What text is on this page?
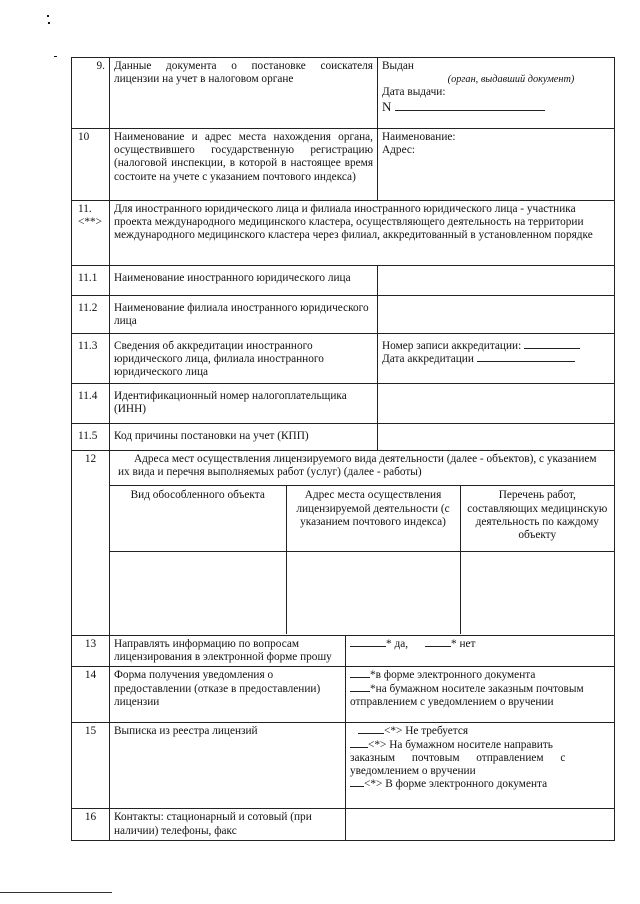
9.	Данные документа о постановке соискателя лицензии на учет в налоговом органе	
Выдан
(орган, выдавший документ)
Дата выдачи:
N

10	Наименование и адрес места нахождения органа, осуществившего государственную регистрацию (налоговой инспекции, в которой в настоящее время состоите на учете с указанием почтового индекса)	
Наименование:
Адрес:

11.
<**>
	Для иностранного юридического лица и филиала иностранного юридического лица - участника проекта международного медицинского кластера, осуществляющего деятельность на территории международного медицинского кластера через филиал, аккредитованный в установленном порядке
11.1	Наименование иностранного юридического лица	
11.2	Наименование филиала иностранного юридического лица	
11.3	Сведения об аккредитации иностранного юридического лица, филиала иностранного юридического лица	
Номер записи аккредитации:
Дата аккредитации

11.4	Идентификационный номер налогоплательщика (ИНН)	
11.5	Код причины постановки на учет (КПП)	
12	Адреса мест осуществления лицензируемого вида деятельности (далее - объектов), с указанием их вида и перечня выполняемых работ (услуг) (далее - работы)
Вид обособленного объекта	Адрес места осуществления лицензируемой деятельности (с указанием почтового индекса)	Перечень работ, составляющих медицинскую деятельность по каждому объекту

13	Направлять информацию по вопросам лицензирования в электронной форме прошу	* да,	* нет
14	Форма получения уведомления о предоставлении (отказе в предоставлении) лицензии	
*в форме электронного документа
*на бумажном носителе заказным почтовым отправлением с уведомлением о вручении

15	Выписка из реестра лицензий	<*> Не требуется
<*> На бумажном носителе направить
заказным почтовым отправлением с
уведомлением о вручении
<*> В форме электронного документа

16	Контакты: стационарный и сотовый (при наличии) телефоны, факс	
